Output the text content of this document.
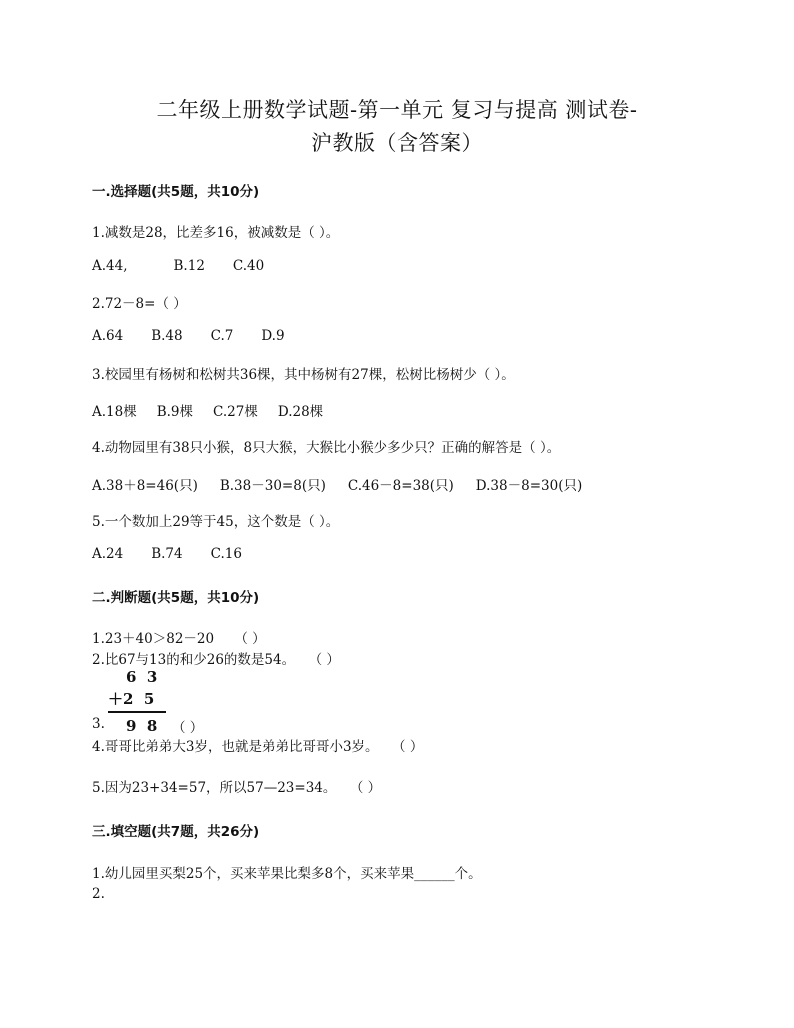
二年级上册数学试题-第一单元 复习与提高 测试卷-
沪教版（含答案）
一.选择题(共5题，共10分)
1.减数是28，比差多16，被减数是（ ）。
A.44,	B.12 C.40
2.72－8=（ ）
A.64 B.48 C.7 D.9
3.校园里有杨树和松树共36棵，其中杨树有27棵，松树比杨树少（ ）。
A.18棵 B.9棵 C.27棵 D.28棵
4.动物园里有38只小猴，8只大猴，大猴比小猴少多少只？正确的解答是（ ）。
A.38＋8=46(只) B.38－30=8(只) C.46－8=38(只) D.38－8=30(只)
5.一个数加上29等于45，这个数是（ ）。
A.24 B.74 C.16
二.判断题(共5题，共10分)
1.23＋40＞82－20　　（ ）
2.比67与13的和少26的数是54。　　（ ）
6  3
＋2  5
9  8
3.	（ ）
4.哥哥比弟弟大3岁，也就是弟弟比哥哥小3岁。　　（ ）
5.因为23+34=57，所以57—23=34。　　（ ）
三.填空题(共7题，共26分)
1.幼儿园里买梨25个，买来苹果比梨多8个，买来苹果______个。
2.
